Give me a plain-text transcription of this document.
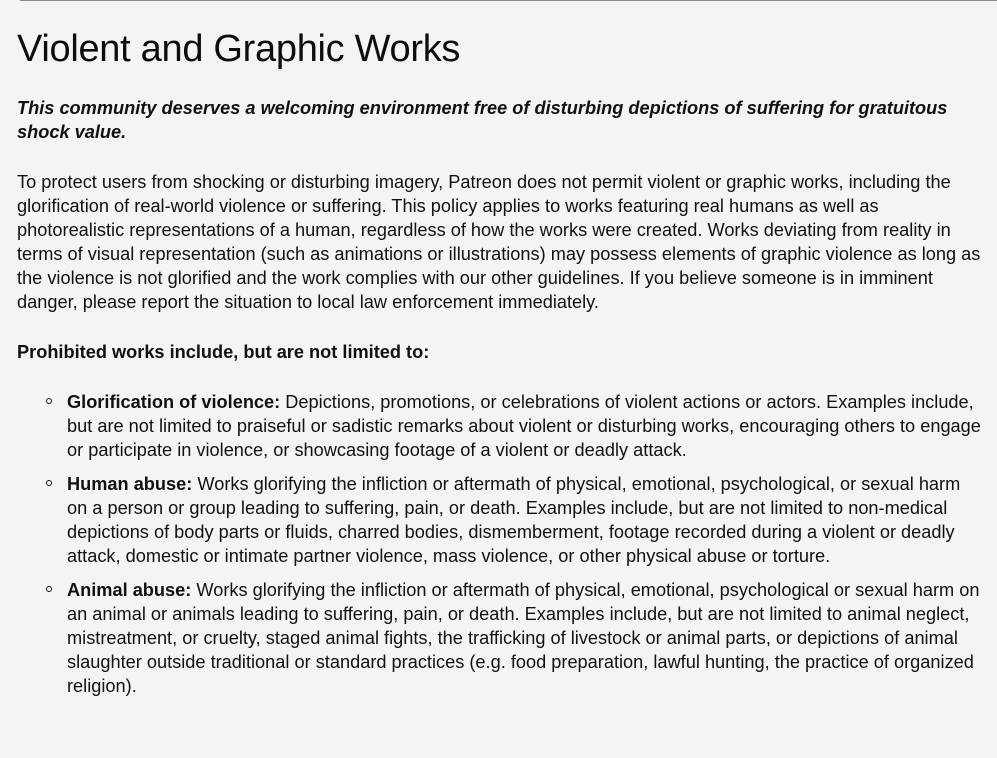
Violent and Graphic Works

This community deserves a welcoming environment free of disturbing depictions of suffering for gratuitous shock value.

To protect users from shocking or disturbing imagery, Patreon does not permit violent or graphic works, including the glorification of real-world violence or suffering. This policy applies to works featuring real humans as well as photorealistic representations of a human, regardless of how the works were created. Works deviating from reality in terms of visual representation (such as animations or illustrations) may possess elements of graphic violence as long as the violence is not glorified and the work complies with our other guidelines. If you believe someone is in imminent danger, please report the situation to local law enforcement immediately.

Prohibited works include, but are not limited to:

Glorification of violence: Depictions, promotions, or celebrations of violent actions or actors. Examples include, but are not limited to praiseful or sadistic remarks about violent or disturbing works, encouraging others to engage or participate in violence, or showcasing footage of a violent or deadly attack.
Human abuse: Works glorifying the infliction or aftermath of physical, emotional, psychological, or sexual harm on a person or group leading to suffering, pain, or death. Examples include, but are not limited to non-medical depictions of body parts or fluids, charred bodies, dismemberment, footage recorded during a violent or deadly attack, domestic or intimate partner violence, mass violence, or other physical abuse or torture.
Animal abuse: Works glorifying the infliction or aftermath of physical, emotional, psychological or sexual harm on an animal or animals leading to suffering, pain, or death. Examples include, but are not limited to animal neglect, mistreatment, or cruelty, staged animal fights, the trafficking of livestock or animal parts, or depictions of animal slaughter outside traditional or standard practices (e.g. food preparation, lawful hunting, the practice of organized religion).
